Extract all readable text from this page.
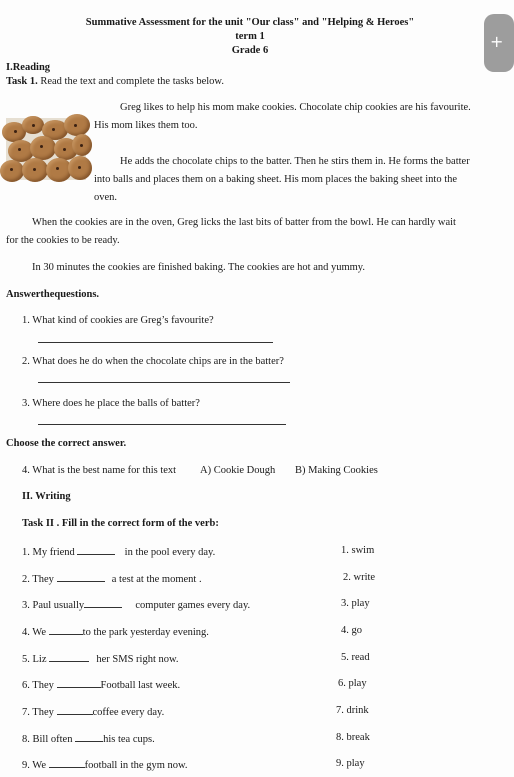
Summative Assessment for the unit "Our class" and "Helping & Heroes"
term 1
Grade 6	+
I.Reading
Task 1. Read the text and complete the tasks below.
Greg likes to help his mom make cookies. Chocolate chip cookies are his favourite.
His mom likes them too.
He adds the chocolate chips to the batter. Then he stirs them in. He forms the batter
into balls and places them on a baking sheet. His mom places the baking sheet into the
oven.
When the cookies are in the oven, Greg licks the last bits of batter from the bowl. He can hardly wait
for the cookies to be ready.
In 30 minutes the cookies are finished baking. The cookies are hot and yummy.
Answerthequestions.
1. What kind of cookies are Greg’s favourite?
2. What does he do when the chocolate chips are in the batter?
3. Where does he place the balls of batter?
Choose the correct answer.
4. What is the best name for this text A) Cookie Dough B) Making Cookies
II. Writing
Task II . Fill in the correct form of the verb:
1. My friend	in the pool every day.	1. swim
2. They	a test at the moment .	2. write
3. Paul usually	computer games every day.	3. play
4. We	to the park yesterday evening.	4. go
5. Liz	her SMS right now.	5. read
6. They	Football last week.	6. play
7. They	coffee every day.	7. drink
8. Bill often	his tea cups.	8. break
9. We	football in the gym now.	9. play
